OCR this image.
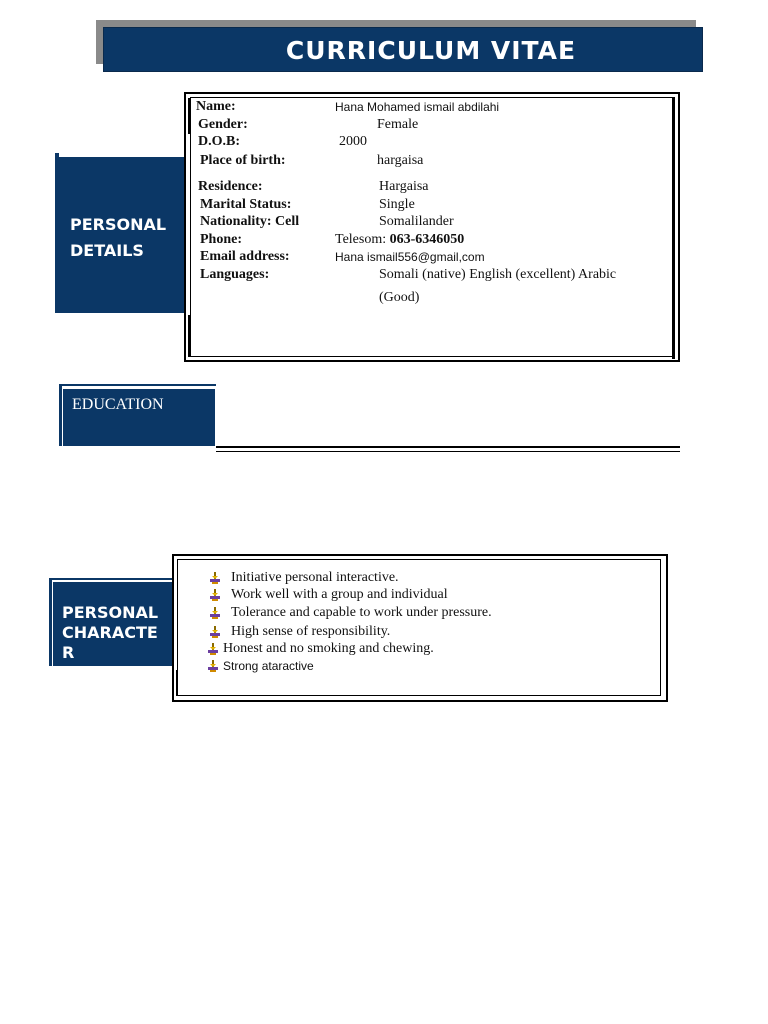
CURRICULUM VITAE
PERSONAL
DETAILS
Name:	Hana Mohamed ismail abdilahi
Gender:	Female
D.O.B:	2000
Place of birth:	hargaisa
Residence:	Hargaisa
Marital Status:	Single
Nationality: Cell	Somalilander
Phone:	Telesom: 063-6346050
Email address:	Hana ismail556@gmail,com
Languages:	Somali (native) English (excellent) Arabic
(Good)
EDUCATION
PERSONAL
CHARACTE
R
Initiative personal interactive.
Work well with a group and individual
Tolerance and capable to work under pressure.
High sense of responsibility.
Honest and no smoking and chewing.
Strong ataractive
